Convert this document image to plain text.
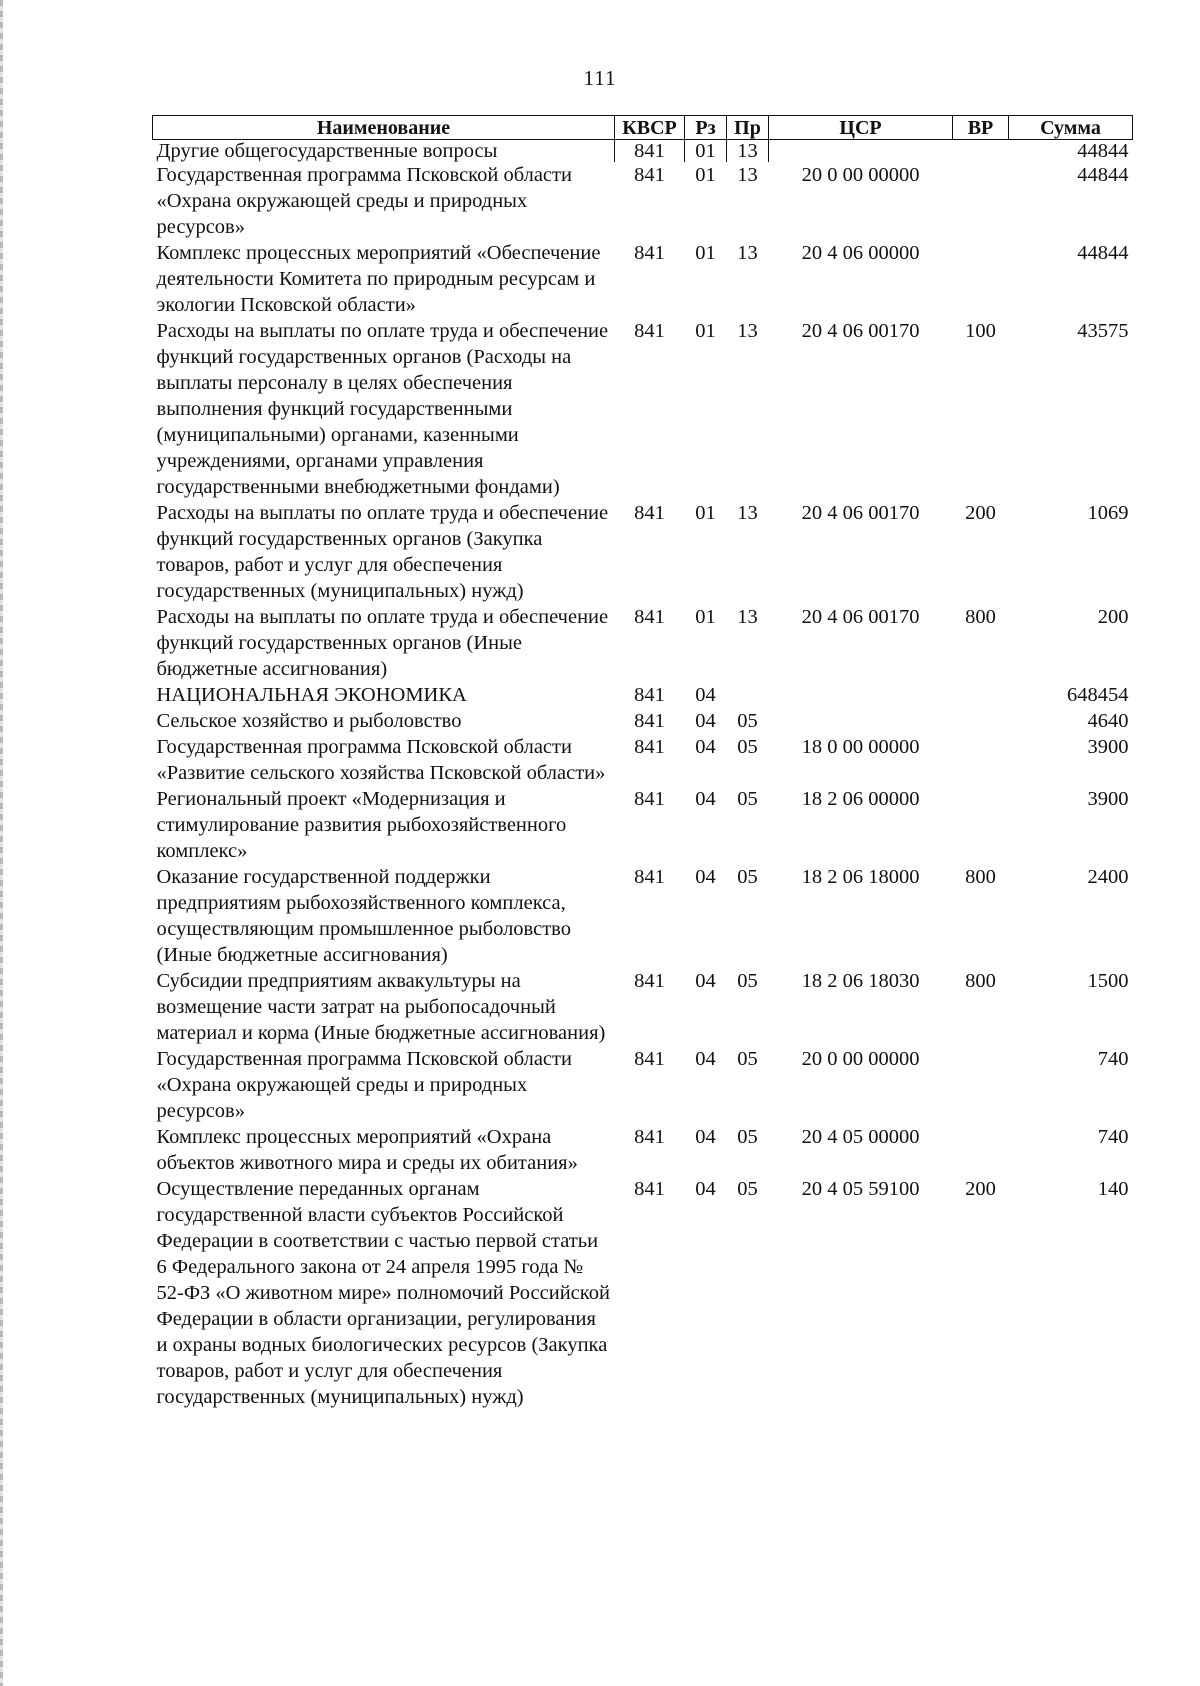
111
Наименование	КВСР	Рз	Пр	ЦСР	ВР	Сумма
Другие общегосударственные вопросы	841	01	13			44844
Государственная программа Псковской области «Охрана окружающей среды и природных ресурсов»	841	01	13	20 0 00 00000		44844
Комплекс процессных мероприятий «Обеспечение деятельности Комитета по природным ресурсам и экологии Псковской области»	841	01	13	20 4 06 00000		44844
Расходы на выплаты по оплате труда и обеспечение функций государственных органов (Расходы на выплаты персоналу в целях обеспечения выполнения функций государственными (муниципальными) органами, казенными учреждениями, органами управления государственными внебюджетными фондами)	841	01	13	20 4 06 00170	100	43575
Расходы на выплаты по оплате труда и обеспечение функций государственных органов (Закупка товаров, работ и услуг для обеспечения государственных (муниципальных) нужд)	841	01	13	20 4 06 00170	200	1069
Расходы на выплаты по оплате труда и обеспечение функций государственных органов (Иные бюджетные ассигнования)	841	01	13	20 4 06 00170	800	200
НАЦИОНАЛЬНАЯ ЭКОНОМИКА	841	04				648454
Сельское хозяйство и рыболовство	841	04	05			4640
Государственная программа Псковской области «Развитие сельского хозяйства Псковской области»	841	04	05	18 0 00 00000		3900
Региональный проект «Модернизация и стимулирование развития рыбохозяйственного комплекс»	841	04	05	18 2 06 00000		3900
Оказание государственной поддержки предприятиям рыбохозяйственного комплекса, осуществляющим промышленное рыболовство (Иные бюджетные ассигнования)	841	04	05	18 2 06 18000	800	2400
Субсидии предприятиям аквакультуры на возмещение части затрат на рыбопосадочный материал и корма (Иные бюджетные ассигнования)	841	04	05	18 2 06 18030	800	1500
Государственная программа Псковской области «Охрана окружающей среды и природных ресурсов»	841	04	05	20 0 00 00000		740
Комплекс процессных мероприятий «Охрана объектов животного мира и среды их обитания»	841	04	05	20 4 05 00000		740
Осуществление переданных органам государственной власти субъектов Российской Федерации в соответствии с частью первой статьи 6 Федерального закона от 24 апреля 1995 года № 52-ФЗ «О животном мире» полномочий Российской Федерации в области организации, регулирования и охраны водных биологических ресурсов (Закупка товаров, работ и услуг для обеспечения государственных (муниципальных) нужд)	841	04	05	20 4 05 59100	200	140
